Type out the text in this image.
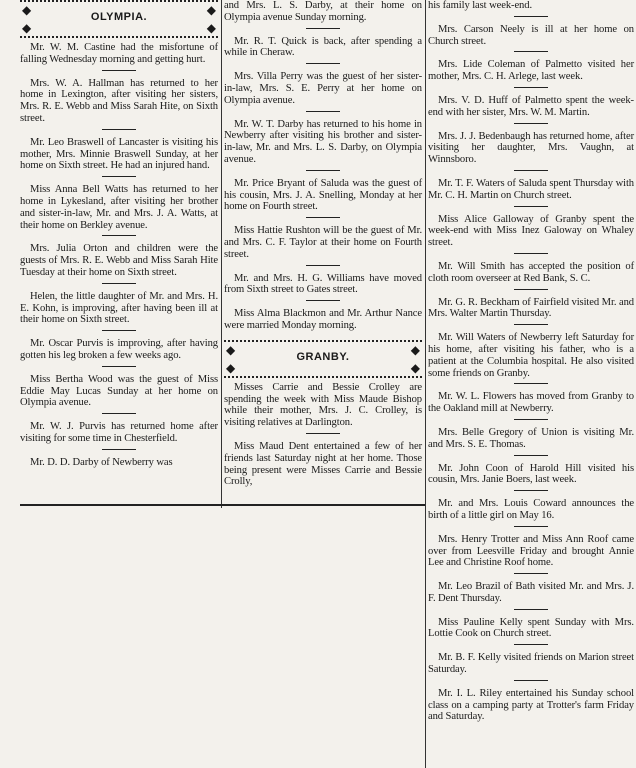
◆	◆
◆	◆
OLYMPIA.

Mr. W. M. Castine had the misfortune of falling Wednesday morning and getting hurt.

Mrs. W. A. Hallman has returned to her home in Lexington, after visiting her sisters, Mrs. R. E. Webb and Miss Sarah Hite, on Sixth street.

Mr. Leo Braswell of Lancaster is visiting his mother, Mrs. Minnie Braswell Sunday, at her home on Sixth street. He had an injured hand.

Miss Anna Bell Watts has returned to her home in Lykesland, after visiting her brother and sister-in-law, Mr. and Mrs. J. A. Watts, at their home on Berkley avenue.

Mrs. Julia Orton and children were the guests of Mrs. R. E. Webb and Miss Sarah Hite Tuesday at their home on Sixth street.

Helen, the little daughter of Mr. and Mrs. H. E. Kohn, is improving, after having been ill at their home on Sixth street.

Mr. Oscar Purvis is improving, after having gotten his leg broken a few weeks ago.

Miss Bertha Wood was the guest of Miss Eddie May Lucas Sunday at her home on Olympia avenue.

Mr. W. J. Purvis has returned home after visiting for some time in Chesterfield.

Mr. D. D. Darby of Newberry was

and Mrs. L. S. Darby, at their home on Olympia avenue Sunday morning.

Mr. R. T. Quick is back, after spending a while in Cheraw.

Mrs. Villa Perry was the guest of her sister-in-law, Mrs. S. E. Perry at her home on Olympia avenue.

Mr. W. T. Darby has returned to his home in Newberry after visiting his brother and sister-in-law, Mr. and Mrs. L. S. Darby, on Olympia avenue.

Mr. Price Bryant of Saluda was the guest of his cousin, Mrs. J. A. Snelling, Monday at her home on Fourth street.

Miss Hattie Rushton will be the guest of Mr. and Mrs. C. F. Taylor at their home on Fourth street.

Mr. and Mrs. H. G. Williams have moved from Sixth street to Gates street.

Miss Alma Blackmon and Mr. Arthur Nance were married Monday morning.

◆	◆
◆	◆
GRANBY.

Misses Carrie and Bessie Crolley are spending the week with Miss Maude Bishop while their mother, Mrs. J. C. Crolley, is visiting relatives at Darlington.

Miss Maud Dent entertained a few of her friends last Saturday night at her home. Those being present were Misses Carrie and Bessie Crolly,

his family last week-end.

Mrs. Carson Neely is ill at her home on Church street.

Mrs. Lide Coleman of Palmetto visited her mother, Mrs. C. H. Arlege, last week.

Mrs. V. D. Huff of Palmetto spent the week-end with her sister, Mrs. W. M. Martin.

Mrs. J. J. Bedenbaugh has returned home, after visiting her daughter, Mrs. Vaughn, at Winnsboro.

Mr. T. F. Waters of Saluda spent Thursday with Mr. C. H. Martin on Church street.

Miss Alice Galloway of Granby spent the week-end with Miss Inez Galoway on Whaley street.

Mr. Will Smith has accepted the position of cloth room overseer at Red Bank, S. C.

Mr. G. R. Beckham of Fairfield visited Mr. and Mrs. Walter Martin Thursday.

Mr. Will Waters of Newberry left Saturday for his home, after visiting his father, who is a patient at the Columbia hospital. He also visited some friends on Granby.

Mr. W. L. Flowers has moved from Granby to the Oakland mill at Newberry.

Mrs. Belle Gregory of Union is visiting Mr. and Mrs. S. E. Thomas.

Mr. John Coon of Harold Hill visited his cousin, Mrs. Janie Boers, last week.

Mr. and Mrs. Louis Coward announces the birth of a little girl on May 16.

Mrs. Henry Trotter and Miss Ann Roof came over from Leesville Friday and brought Annie Lee and Christine Roof home.

Mr. Leo Brazil of Bath visited Mr. and Mrs. J. F. Dent Thursday.

Miss Pauline Kelly spent Sunday with Mrs. Lottie Cook on Church street.

Mr. B. F. Kelly visited friends on Marion street Saturday.

Mr. I. L. Riley entertained his Sunday school class on a camping party at Trotter's farm Friday and Saturday.
